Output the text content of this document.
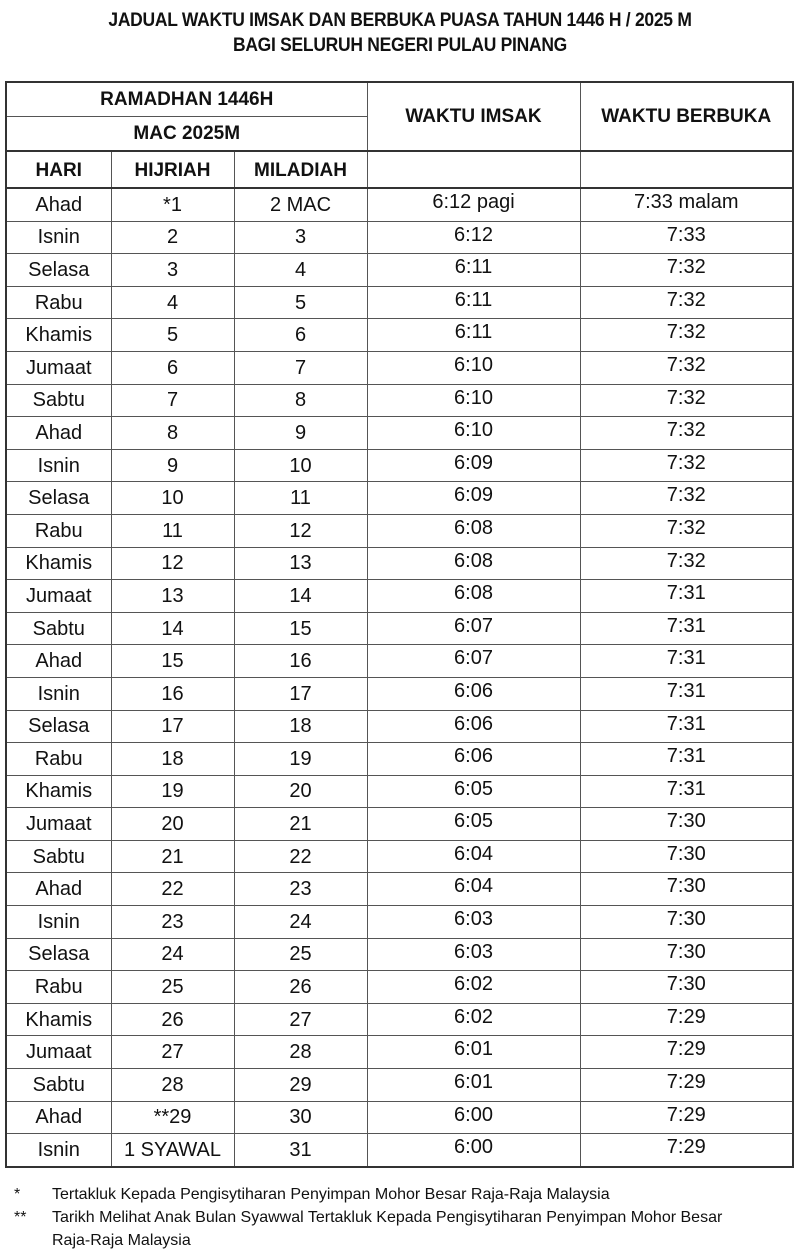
JADUAL WAKTU IMSAK DAN BERBUKA PUASA TAHUN 1446 H / 2025 M
BAGI SELURUH NEGERI PULAU PINANG
RAMADHAN 1446H			WAKTU IMSAK	WAKTU BERBUKA
MAC 2025M				
HARI	HIJRIAH	MILADIAH		
Ahad	*1	2 MAC	6:12 pagi	7:33 malam
Isnin	2	3	6:12	7:33
Selasa	3	4	6:11	7:32
Rabu	4	5	6:11	7:32
Khamis	5	6	6:11	7:32
Jumaat	6	7	6:10	7:32
Sabtu	7	8	6:10	7:32
Ahad	8	9	6:10	7:32
Isnin	9	10	6:09	7:32
Selasa	10	11	6:09	7:32
Rabu	11	12	6:08	7:32
Khamis	12	13	6:08	7:32
Jumaat	13	14	6:08	7:31
Sabtu	14	15	6:07	7:31
Ahad	15	16	6:07	7:31
Isnin	16	17	6:06	7:31
Selasa	17	18	6:06	7:31
Rabu	18	19	6:06	7:31
Khamis	19	20	6:05	7:31
Jumaat	20	21	6:05	7:30
Sabtu	21	22	6:04	7:30
Ahad	22	23	6:04	7:30
Isnin	23	24	6:03	7:30
Selasa	24	25	6:03	7:30
Rabu	25	26	6:02	7:30
Khamis	26	27	6:02	7:29
Jumaat	27	28	6:01	7:29
Sabtu	28	29	6:01	7:29
Ahad	**29	30	6:00	7:29
Isnin	1 SYAWAL	31	6:00	7:29
*	Tertakluk Kepada Pengisytiharan Penyimpan Mohor Besar Raja-Raja Malaysia
**	Tarikh Melihat Anak Bulan Syawwal Tertakluk Kepada Pengisytiharan Penyimpan Mohor Besar Raja-Raja Malaysia
